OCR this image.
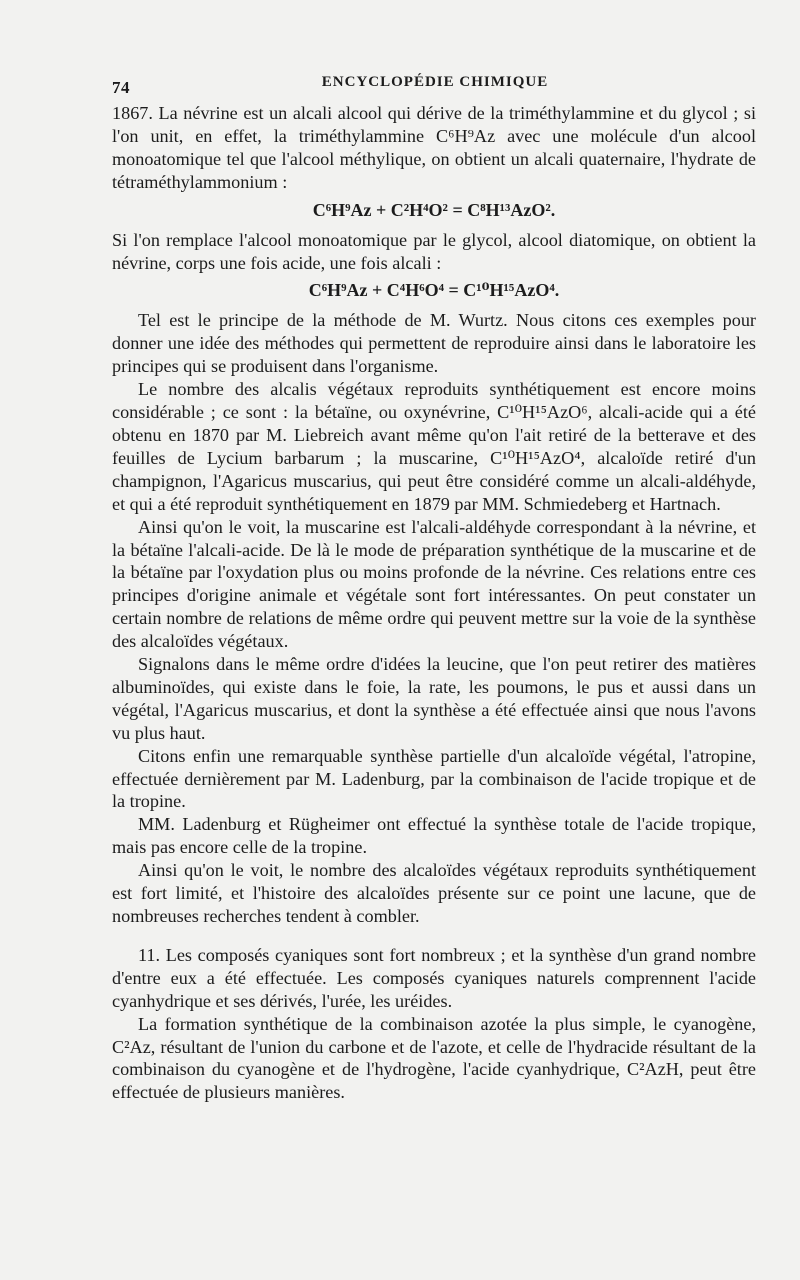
74	ENCYCLOPÉDIE CHIMIQUE

1867. La névrine est un alcali alcool qui dérive de la triméthylammine et du glycol ; si l'on unit, en effet, la triméthylammine C⁶H⁹Az avec une molécule d'un alcool monoatomique tel que l'alcool méthylique, on obtient un alcali quaternaire, l'hydrate de tétraméthylammonium :

C⁶H⁹Az + C²H⁴O² = C⁸H¹³AzO².

Si l'on remplace l'alcool monoatomique par le glycol, alcool diatomique, on obtient la névrine, corps une fois acide, une fois alcali :

C⁶H⁹Az + C⁴H⁶O⁴ = C¹⁰H¹⁵AzO⁴.

Tel est le principe de la méthode de M. Wurtz. Nous citons ces exemples pour donner une idée des méthodes qui permettent de reproduire ainsi dans le laboratoire les principes qui se produisent dans l'organisme.

Le nombre des alcalis végétaux reproduits synthétiquement est encore moins considérable ; ce sont : la bétaïne, ou oxynévrine, C¹⁰H¹⁵AzO⁶, alcali-acide qui a été obtenu en 1870 par M. Liebreich avant même qu'on l'ait retiré de la betterave et des feuilles de Lycium barbarum ; la muscarine, C¹⁰H¹⁵AzO⁴, alcaloïde retiré d'un champignon, l'Agaricus muscarius, qui peut être considéré comme un alcali-aldéhyde, et qui a été reproduit synthétiquement en 1879 par MM. Schmiedeberg et Hartnach.

Ainsi qu'on le voit, la muscarine est l'alcali-aldéhyde correspondant à la névrine, et la bétaïne l'alcali-acide. De là le mode de préparation synthétique de la muscarine et de la bétaïne par l'oxydation plus ou moins profonde de la névrine. Ces relations entre ces principes d'origine animale et végétale sont fort intéressantes. On peut constater un certain nombre de relations de même ordre qui peuvent mettre sur la voie de la synthèse des alcaloïdes végétaux.

Signalons dans le même ordre d'idées la leucine, que l'on peut retirer des matières albuminoïdes, qui existe dans le foie, la rate, les poumons, le pus et aussi dans un végétal, l'Agaricus muscarius, et dont la synthèse a été effectuée ainsi que nous l'avons vu plus haut.

Citons enfin une remarquable synthèse partielle d'un alcaloïde végétal, l'atropine, effectuée dernièrement par M. Ladenburg, par la combinaison de l'acide tropique et de la tropine.

MM. Ladenburg et Rügheimer ont effectué la synthèse totale de l'acide tropique, mais pas encore celle de la tropine.

Ainsi qu'on le voit, le nombre des alcaloïdes végétaux reproduits synthétiquement est fort limité, et l'histoire des alcaloïdes présente sur ce point une lacune, que de nombreuses recherches tendent à combler.

11. Les composés cyaniques sont fort nombreux ; et la synthèse d'un grand nombre d'entre eux a été effectuée. Les composés cyaniques naturels comprennent l'acide cyanhydrique et ses dérivés, l'urée, les uréides.

La formation synthétique de la combinaison azotée la plus simple, le cyanogène, C²Az, résultant de l'union du carbone et de l'azote, et celle de l'hydracide résultant de la combinaison du cyanogène et de l'hydrogène, l'acide cyanhydrique, C²AzH, peut être effectuée de plusieurs manières.
